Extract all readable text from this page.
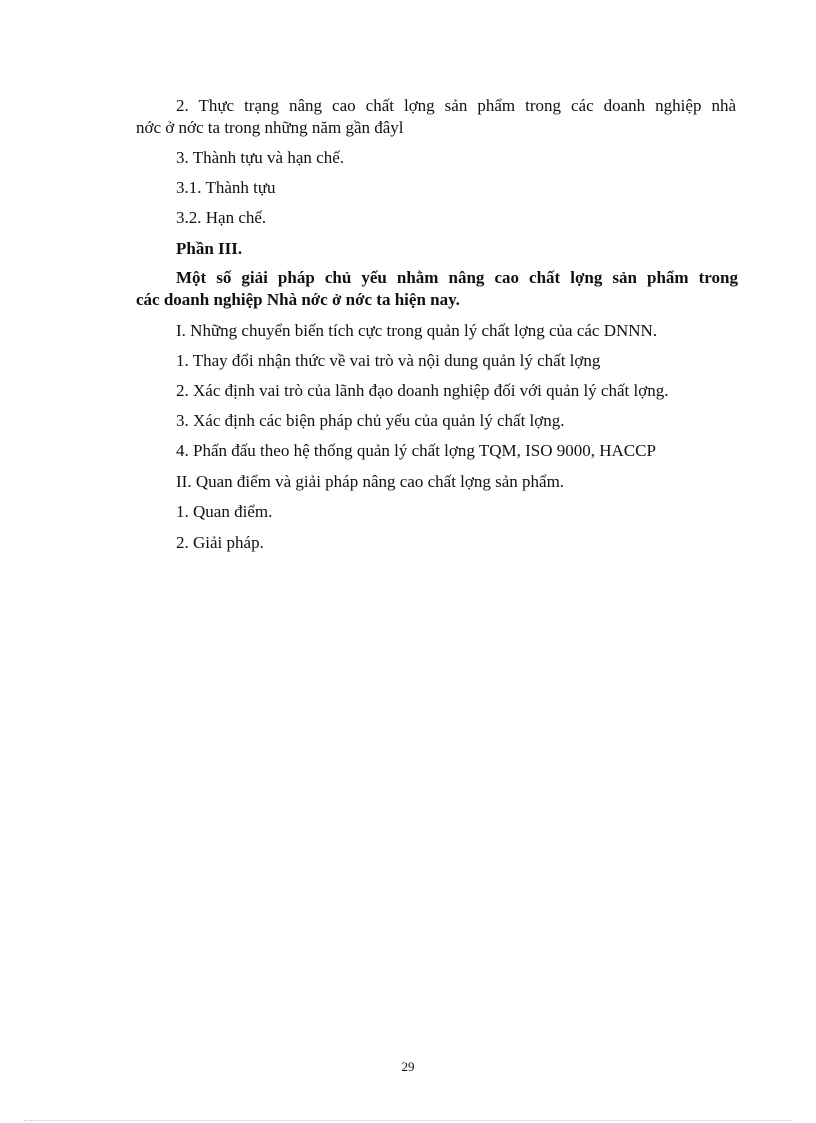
2. Thực trạng nâng cao chất lợng sản phẩm trong các doanh nghiệp nhà
nớc ở nớc ta trong những năm gần đâyl
3. Thành tựu và hạn chế.
3.1. Thành tựu
3.2. Hạn chế.
Phần III.
Một số giải pháp chủ yếu nhằm nâng cao chất lợng sản phẩm trong
các doanh nghiệp Nhà nớc ở nớc ta hiện nay.
I. Những chuyển biến tích cực trong quản lý chất lợng của các DNNN.
1. Thay đổi nhận thức về vai trò và nội dung quản lý chất lợng
2. Xác định vai trò của lãnh đạo doanh nghiệp đối với quản lý chất lợng.
3. Xác định các biện pháp chủ yếu của quản lý chất lợng.
4. Phấn đấu theo hệ thống quản lý chất lợng TQM, ISO 9000, HACCP
II. Quan điểm và giải pháp nâng cao chất lợng sản phẩm.
1. Quan điểm.
2. Giải pháp.
29
